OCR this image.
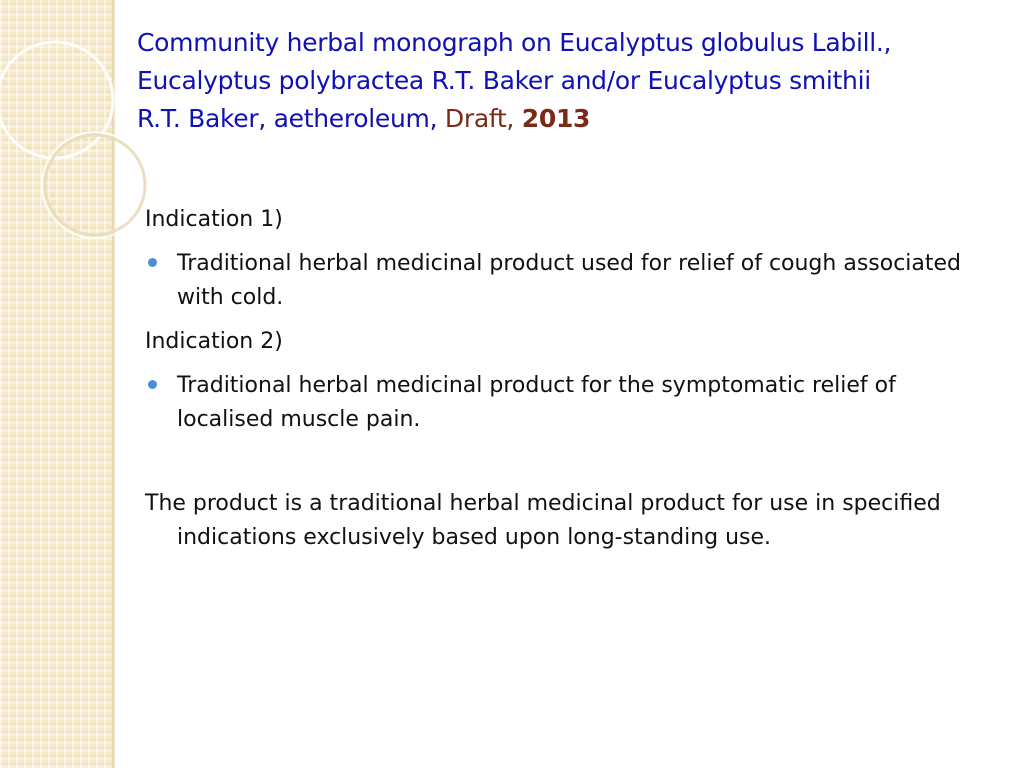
Community herbal monograph on Eucalyptus globulus Labill., Eucalyptus polybractea R.T. Baker and/or Eucalyptus smithii R.T. Baker, aetheroleum, Draft, 2013

Indication 1)

Traditional herbal medicinal product used for relief of cough associated with cold.

Indication 2)

Traditional herbal medicinal product for the symptomatic relief of localised muscle pain.

The product is a traditional herbal medicinal product for use in specified indications exclusively based upon long-standing use.
